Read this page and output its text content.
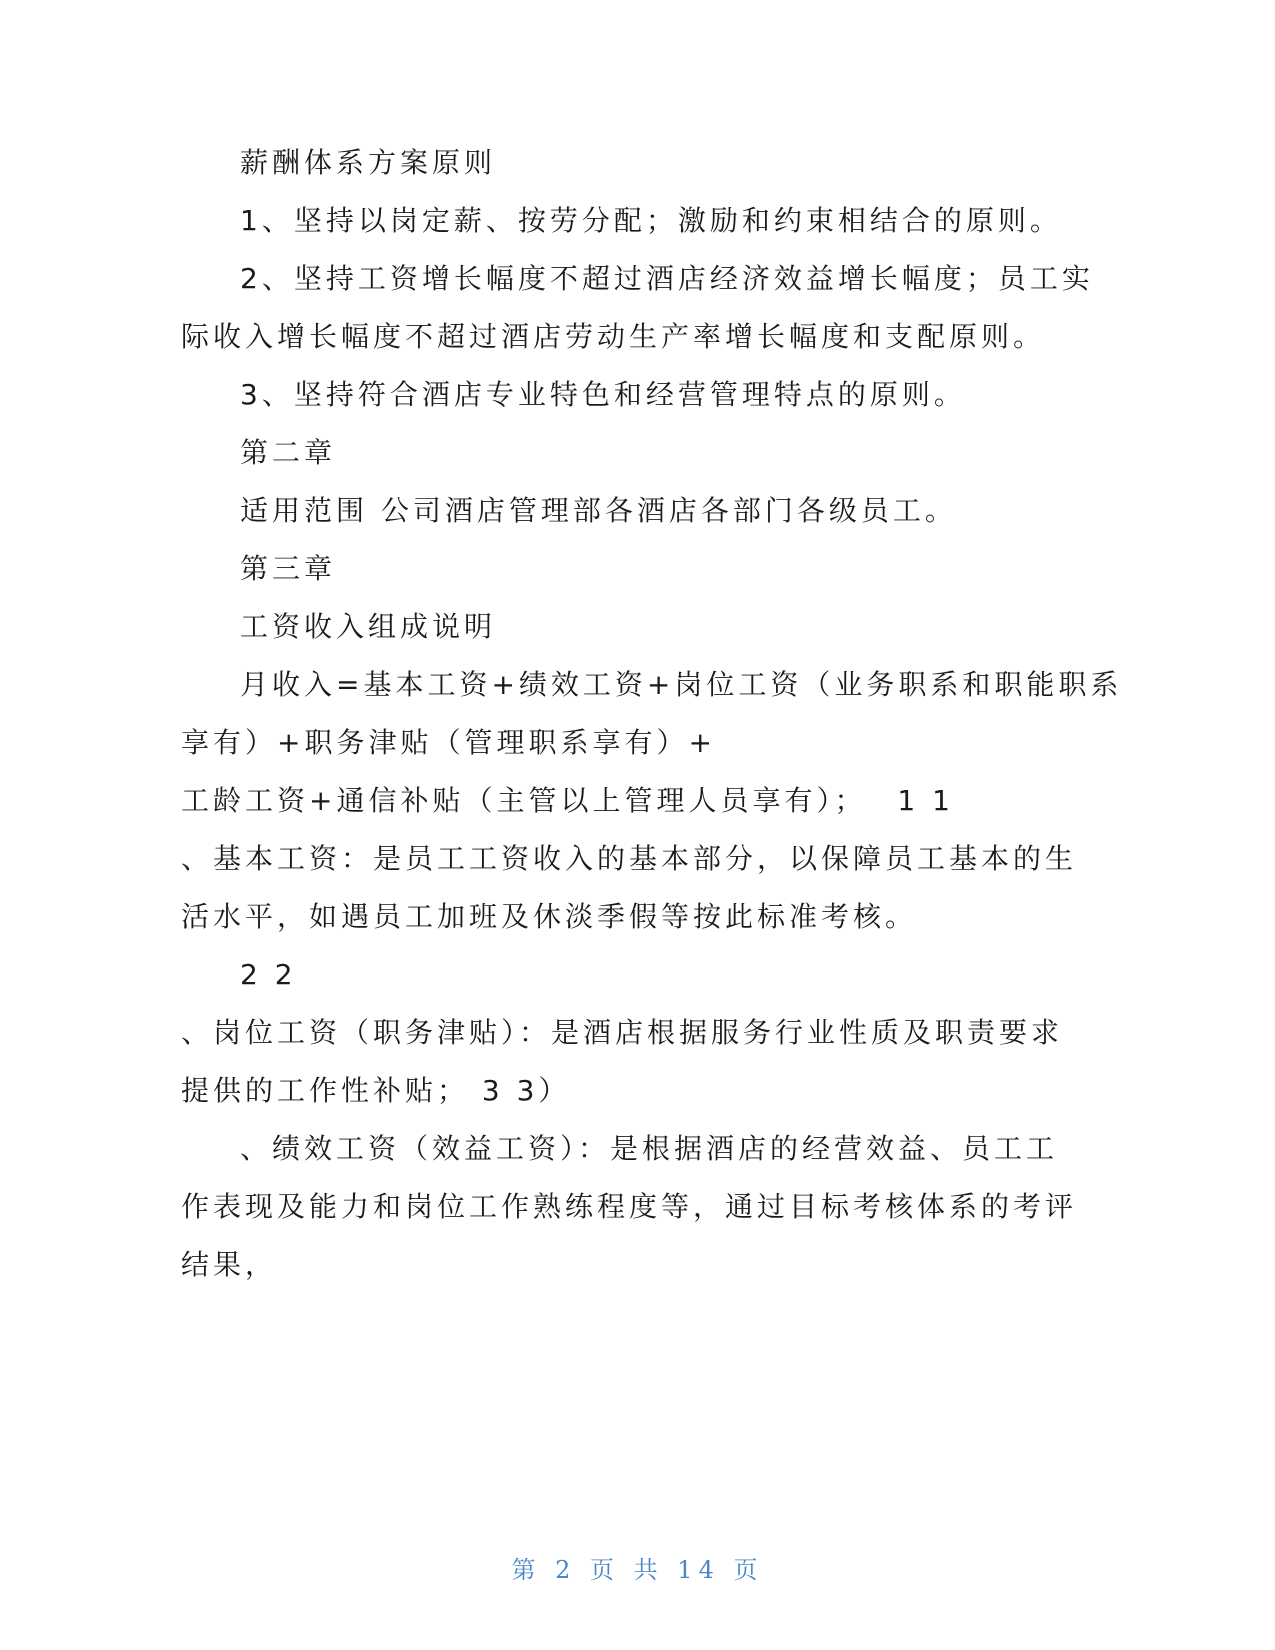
薪酬体系方案原则
1、坚持以岗定薪、按劳分配；激励和约束相结合的原则。
2、坚持工资增长幅度不超过酒店经济效益增长幅度；员工实
际收入增长幅度不超过酒店劳动生产率增长幅度和支配原则。
3、坚持符合酒店专业特色和经营管理特点的原则。
第二章
适用范围 公司酒店管理部各酒店各部门各级员工。
第三章
工资收入组成说明
月收入=基本工资+绩效工资+岗位工资（业务职系和职能职系
享有）+职务津贴（管理职系享有）+
工龄工资+通信补贴（主管以上管理人员享有）；　 1 1
、基本工资：是员工工资收入的基本部分，以保障员工基本的生
活水平，如遇员工加班及休淡季假等按此标准考核。
2 2
、岗位工资（职务津贴）：是酒店根据服务行业性质及职责要求
提供的工作性补贴； 3 3）
、绩效工资（效益工资）：是根据酒店的经营效益、员工工
作表现及能力和岗位工作熟练程度等，通过目标考核体系的考评
结果，
第 2 页 共 14 页
